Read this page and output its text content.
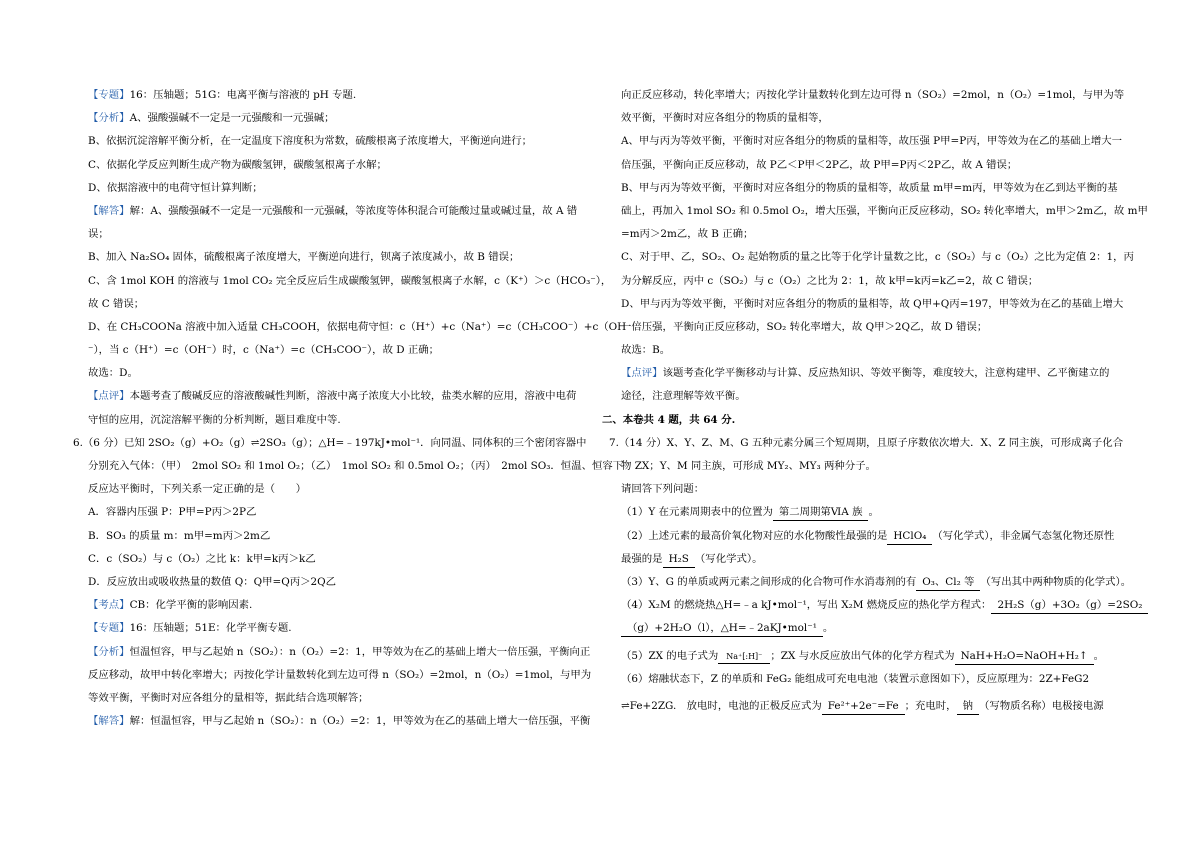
【专题】16：压轴题；51G：电离平衡与溶液的 pH 专题.
【分析】A、强酸强碱不一定是一元强酸和一元强碱；
B、依据沉淀溶解平衡分析，在一定温度下溶度积为常数，硫酸根离子浓度增大，平衡逆向进行；
C、依据化学反应判断生成产物为碳酸氢钾，碳酸氢根离子水解；
D、依据溶液中的电荷守恒计算判断；
【解答】解：A、强酸强碱不一定是一元强酸和一元强碱，等浓度等体积混合可能酸过量或碱过量，故 A 错
误；
B、加入 Na₂SO₄ 固体，硫酸根离子浓度增大，平衡逆向进行，钡离子浓度减小，故 B 错误；
C、含 1mol KOH 的溶液与 1mol CO₂ 完全反应后生成碳酸氢钾，碳酸氢根离子水解，c（K⁺）＞c（HCO₃⁻），
故 C 错误；
D、在 CH₃COONa 溶液中加入适量 CH₃COOH，依据电荷守恒：c（H⁺）+c（Na⁺）=c（CH₃COO⁻）+c（OH
⁻），当 c（H⁺）=c（OH⁻）时，c（Na⁺）=c（CH₃COO⁻），故 D 正确；
故选：D。
【点评】本题考查了酸碱反应的溶液酸碱性判断，溶液中离子浓度大小比较，盐类水解的应用，溶液中电荷
守恒的应用，沉淀溶解平衡的分析判断，题目难度中等.
6.（6 分）已知 2SO₂（g）+O₂（g）⇌2SO₃（g）；△H=﹣197kJ•mol⁻¹．向同温、同体积的三个密闭容器中
分别充入气体：（甲）　2mol SO₂ 和 1mol O₂；（乙）　1mol SO₂ 和 0.5mol O₂；（丙）　2mol SO₃．恒温、恒容下
反应达平衡时，下列关系一定正确的是（　　）
A．容器内压强 P：P甲=P丙＞2P乙
B．SO₃ 的质量 m：m甲=m丙＞2m乙
C．c（SO₂）与 c（O₂）之比 k：k甲=k丙＞k乙
D．反应放出或吸收热量的数值 Q：Q甲=Q丙＞2Q乙
【考点】CB：化学平衡的影响因素.
【专题】16：压轴题；51E：化学平衡专题.
【分析】恒温恒容，甲与乙起始 n（SO₂）：n（O₂）=2：1，甲等效为在乙的基础上增大一倍压强，平衡向正
反应移动，故甲中转化率增大；丙按化学计量数转化到左边可得 n（SO₂）=2mol，n（O₂）=1mol，与甲为
等效平衡，平衡时对应各组分的量相等，据此结合选项解答；
【解答】解：恒温恒容，甲与乙起始 n（SO₂）：n（O₂）=2：1，甲等效为在乙的基础上增大一倍压强，平衡
向正反应移动，转化率增大；丙按化学计量数转化到左边可得 n（SO₂）=2mol，n（O₂）=1mol，与甲为等
效平衡，平衡时对应各组分的物质的量相等，
A、甲与丙为等效平衡，平衡时对应各组分的物质的量相等，故压强 P甲=P丙，甲等效为在乙的基础上增大一
倍压强，平衡向正反应移动，故 P乙＜P甲＜2P乙，故 P甲=P丙＜2P乙，故 A 错误；
B、甲与丙为等效平衡，平衡时对应各组分的物质的量相等，故质量 m甲=m丙，甲等效为在乙到达平衡的基
础上，再加入 1mol SO₂ 和 0.5mol O₂，增大压强，平衡向正反应移动，SO₂ 转化率增大，m甲＞2m乙，故 m甲
=m丙＞2m乙，故 B 正确；
C、对于甲、乙，SO₂、O₂ 起始物质的量之比等于化学计量数之比，c（SO₂）与 c（O₂）之比为定值 2：1，丙
为分解反应，丙中 c（SO₂）与 c（O₂）之比为 2：1，故 k甲=k丙=k乙=2，故 C 错误；
D、甲与丙为等效平衡，平衡时对应各组分的物质的量相等，故 Q甲+Q丙=197，甲等效为在乙的基础上增大
一倍压强，平衡向正反应移动，SO₂ 转化率增大，故 Q甲＞2Q乙，故 D 错误；
故选：B。
【点评】该题考查化学平衡移动与计算、反应热知识、等效平衡等，难度较大，注意构建甲、乙平衡建立的
途径，注意理解等效平衡。
二、本卷共 4 题，共 64 分.
7.（14 分）X、Y、Z、M、G 五种元素分属三个短周期，且原子序数依次增大．X、Z 同主族，可形成离子化合
物 ZX；Y、M 同主族，可形成 MY₂、MY₃ 两种分子。
请回答下列问题：
（1）Y 在元素周期表中的位置为 第二周期第ⅥA 族 。
（2）上述元素的最高价氧化物对应的水化物酸性最强的是 HClO₄ （写化学式），非金属气态氢化物还原性
最强的是 H₂S （写化学式）。
（3）Y、G 的单质或两元素之间形成的化合物可作水消毒剂的有 O₃、Cl₂ 等 （写出其中两种物质的化学式）。
（4）X₂M 的燃烧热△H=﹣a kJ•mol⁻¹，写出 X₂M 燃烧反应的热化学方程式： 2H₂S（g）+3O₂（g）=2SO₂
（g）+2H₂O（l），△H=﹣2aKJ•mol⁻¹ 。
（5）ZX 的电子式为 Na⁺[:H]⁻ ；ZX 与水反应放出气体的化学方程式为 NaH+H₂O=NaOH+H₂↑ 。
（6）熔融状态下，Z 的单质和 FeG₂ 能组成可充电电池（装置示意图如下），反应原理为：2Z+FeG2
⇌Fe+2ZG.　放电时，电池的正极反应式为 Fe²⁺+2e⁻=Fe ；充电时， 钠 （写物质名称）电极接电源
